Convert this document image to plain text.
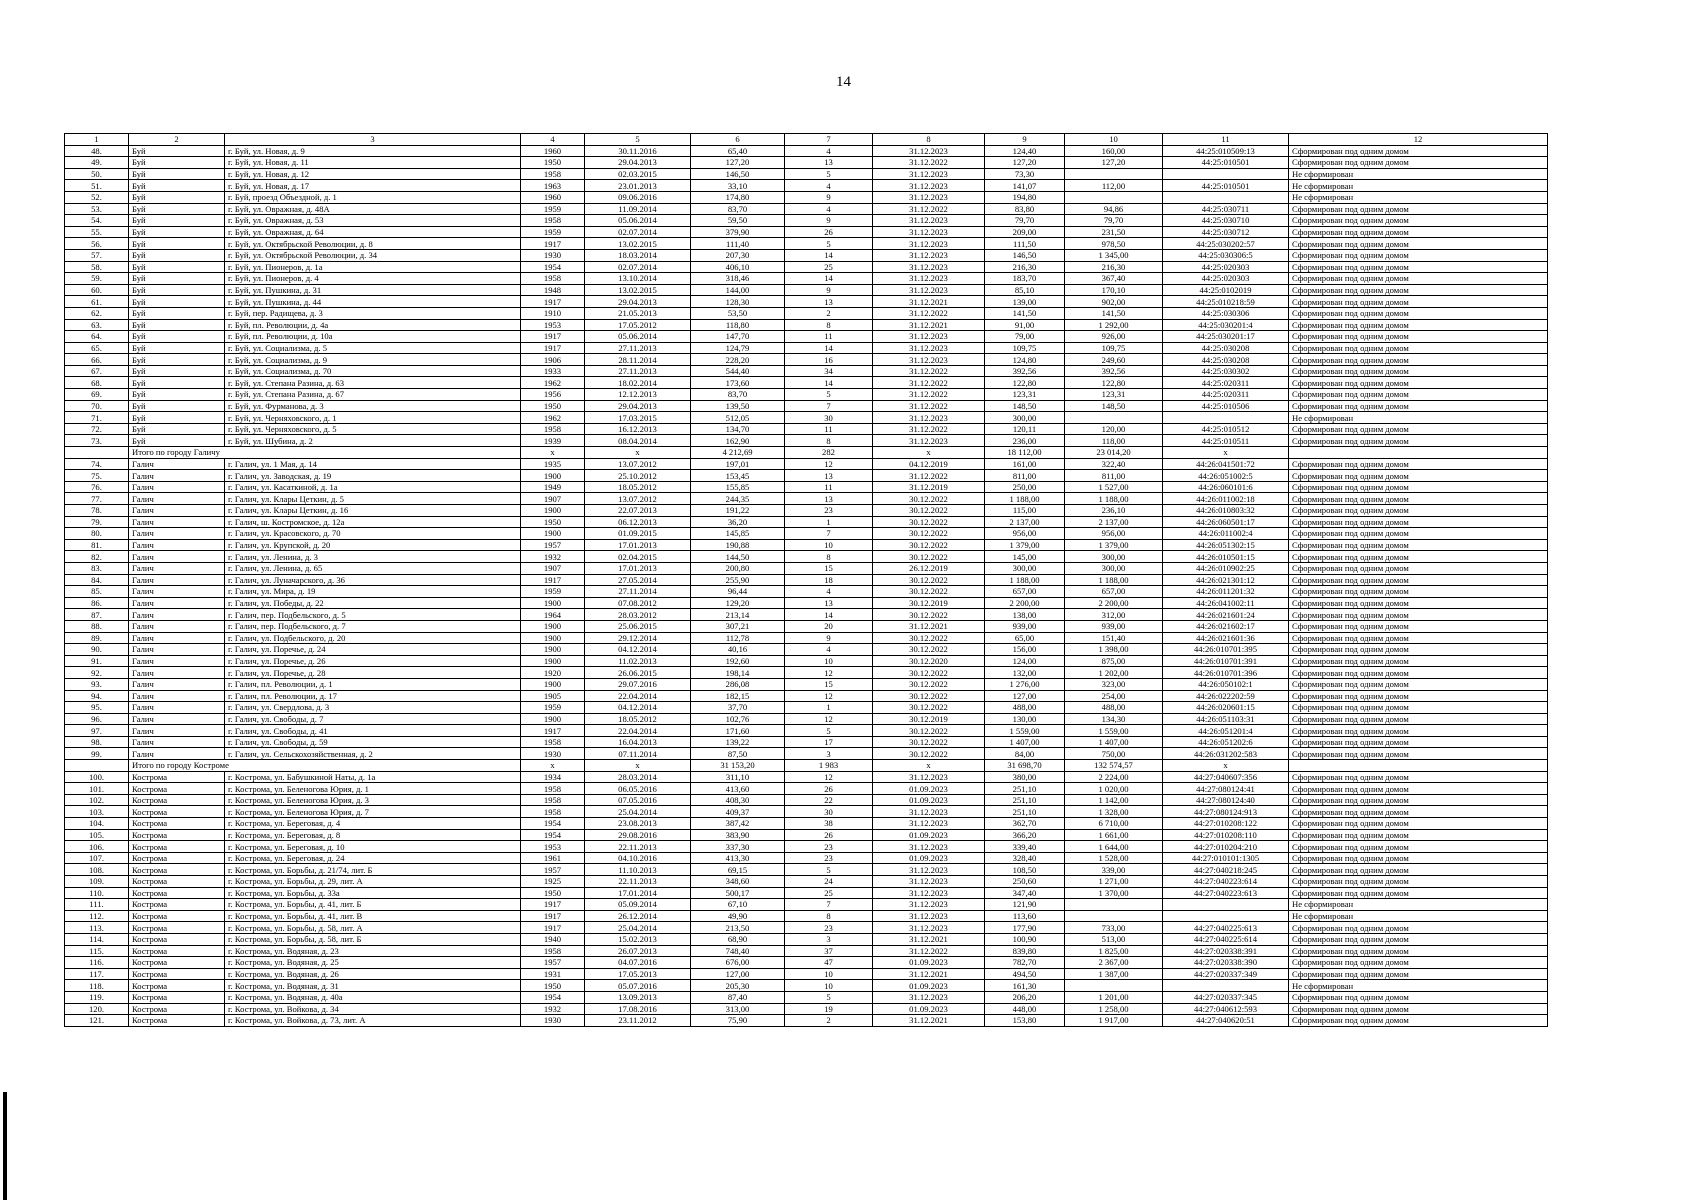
14
1	2	3	4	5	6	7	8	9	10	11	12
48.	Буй	г. Буй, ул. Новая, д. 9	1960	30.11.2016	65,40	4	31.12.2023	124,40	160,00	44:25:010509:13	Сформирован под одним домом
49.	Буй	г. Буй, ул. Новая, д. 11	1950	29.04.2013	127,20	13	31.12.2022	127,20	127,20	44:25:010501	Сформирован под одним домом
50.	Буй	г. Буй, ул. Новая, д. 12	1958	02.03.2015	146,50	5	31.12.2023	73,30			Не сформирован
51.	Буй	г. Буй, ул. Новая, д. 17	1963	23.01.2013	33,10	4	31.12.2023	141,07	112,00	44:25:010501	Не сформирован
52.	Буй	г. Буй, проезд Объездной, д. 1	1960	09.06.2016	174,80	9	31.12.2023	194,80			Не сформирован
53.	Буй	г. Буй, ул. Овражная, д. 48А	1959	11.09.2014	83,70	4	31.12.2022	83,80	94,86	44:25:030711	Сформирован под одним домом
54.	Буй	г. Буй, ул. Овражная, д. 53	1958	05.06.2014	59,50	9	31.12.2023	79,70	79,70	44:25:030710	Сформирован под одним домом
55.	Буй	г. Буй, ул. Овражная, д. 64	1959	02.07.2014	379,90	26	31.12.2023	209,00	231,50	44:25:030712	Сформирован под одним домом
56.	Буй	г. Буй, ул. Октябрьской Революции, д. 8	1917	13.02.2015	111,40	5	31.12.2023	111,50	978,50	44:25:030202:57	Сформирован под одним домом
57.	Буй	г. Буй, ул. Октябрьской Революции, д. 34	1930	18.03.2014	207,30	14	31.12.2023	146,50	1 345,00	44:25:030306:5	Сформирован под одним домом
58.	Буй	г. Буй, ул. Пионеров, д. 1а	1954	02.07.2014	406,10	25	31.12.2023	216,30	216,30	44:25:020303	Сформирован под одним домом
59.	Буй	г. Буй, ул. Пионеров, д. 4	1958	13.10.2014	318,46	14	31.12.2023	183,70	367,40	44:25:020303	Сформирован под одним домом
60.	Буй	г. Буй, ул. Пушкина, д. 31	1948	13.02.2015	144,00	9	31.12.2023	85,10	170,10	44:25:0102019	Сформирован под одним домом
61.	Буй	г. Буй, ул. Пушкина, д. 44	1917	29.04.2013	128,30	13	31.12.2021	139,00	902,00	44:25:010218:59	Сформирован под одним домом
62.	Буй	г. Буй, пер. Радищева, д. 3	1910	21.05.2013	53,50	2	31.12.2022	141,50	141,50	44:25:030306	Сформирован под одним домом
63.	Буй	г. Буй, пл. Революции, д. 4а	1953	17.05.2012	118,80	8	31.12.2021	91,00	1 292,00	44:25:030201:4	Сформирован под одним домом
64.	Буй	г. Буй, пл. Революции, д. 10а	1917	05.06.2014	147,70	11	31.12.2023	79,00	926,00	44:25:030201:17	Сформирован под одним домом
65.	Буй	г. Буй, ул. Социализма, д. 5	1917	27.11.2013	124,79	14	31.12.2023	109,75	109,75	44:25:030208	Сформирован под одним домом
66.	Буй	г. Буй, ул. Социализма, д. 9	1906	28.11.2014	228,20	16	31.12.2023	124,80	249,60	44:25:030208	Сформирован под одним домом
67.	Буй	г. Буй, ул. Социализма, д. 70	1933	27.11.2013	544,40	34	31.12.2022	392,56	392,56	44:25:030302	Сформирован под одним домом
68.	Буй	г. Буй, ул. Степана Разина, д. 63	1962	18.02.2014	173,60	14	31.12.2022	122,80	122,80	44:25:020311	Сформирован под одним домом
69.	Буй	г. Буй, ул. Степана Разина, д. 67	1956	12.12.2013	83,70	5	31.12.2022	123,31	123,31	44:25:020311	Сформирован под одним домом
70.	Буй	г. Буй, ул. Фурманова, д. 3	1950	29.04.2013	139,50	7	31.12.2022	148,50	148,50	44:25:010506	Сформирован под одним домом
71.	Буй	г. Буй, ул. Черняховского, д. 1	1962	17.03.2015	512,05	30	31.12.2023	300,00			Не сформирован
72.	Буй	г. Буй, ул. Черняховского, д. 5	1958	16.12.2013	134,70	11	31.12.2022	120,11	120,00	44:25:010512	Сформирован под одним домом
73.	Буй	г. Буй, ул. Шубина, д. 2	1939	08.04.2014	162,90	8	31.12.2023	236,00	118,00	44:25:010511	Сформирован под одним домом
	Итого по городу Галичу		x	x	4 212,69	282	x	18 112,00	23 014,20	x	
74.	Галич	г. Галич, ул. 1 Мая, д. 14	1935	13.07.2012	197,01	12	04.12.2019	161,00	322,40	44:26:041501:72	Сформирован под одним домом
75.	Галич	г. Галич, ул. Заводская, д. 19	1900	25.10.2012	153,45	13	31.12.2022	811,00	811,00	44:26:051002:5	Сформирован под одним домом
76.	Галич	г. Галич, ул. Касаткиной, д. 1а	1949	18.05.2012	155,85	11	31.12.2019	250,00	1 527,00	44:26:060101:6	Сформирован под одним домом
77.	Галич	г. Галич, ул. Клары Цеткин, д. 5	1907	13.07.2012	244,35	13	30.12.2022	1 188,00	1 188,00	44:26:011002:18	Сформирован под одним домом
78.	Галич	г. Галич, ул. Клары Цеткин, д. 16	1900	22.07.2013	191,22	23	30.12.2022	115,00	236,10	44:26:010803:32	Сформирован под одним домом
79.	Галич	г. Галич, ш. Костромское, д. 12а	1950	06.12.2013	36,20	1	30.12.2022	2 137,00	2 137,00	44:26:060501:17	Сформирован под одним домом
80.	Галич	г. Галич, ул. Красовского, д. 70	1900	01.09.2015	145,85	7	30.12.2022	956,00	956,00	44:26:011002:4	Сформирован под одним домом
81.	Галич	г. Галич, ул. Крупской, д. 20	1957	17.01.2013	190,88	10	30.12.2022	1 379,00	1 379,00	44:26:051302:15	Сформирован под одним домом
82.	Галич	г. Галич, ул. Ленина, д. 3	1932	02.04.2015	144,50	8	30.12.2022	145,00	300,00	44:26:010501:15	Сформирован под одним домом
83.	Галич	г. Галич, ул. Ленина, д. 65	1907	17.01.2013	200,80	15	26.12.2019	300,00	300,00	44:26:010902:25	Сформирован под одним домом
84.	Галич	г. Галич, ул. Луначарского, д. 36	1917	27.05.2014	255,90	18	30.12.2022	1 188,00	1 188,00	44:26:021301:12	Сформирован под одним домом
85.	Галич	г. Галич, ул. Мира, д. 19	1959	27.11.2014	96,44	4	30.12.2022	657,00	657,00	44:26:011201:32	Сформирован под одним домом
86.	Галич	г. Галич, ул. Победы, д. 22	1900	07.08.2012	129,20	13	30.12.2019	2 200,00	2 200,00	44:26:041002:11	Сформирован под одним домом
87.	Галич	г. Галич, пер. Подбельского, д. 5	1964	28.03.2012	213,14	14	30.12.2022	138,00	312,00	44:26:021601:24	Сформирован под одним домом
88.	Галич	г. Галич, пер. Подбельского, д. 7	1900	25.06.2015	307,21	20	31.12.2021	939,00	939,00	44:26:021602:17	Сформирован под одним домом
89.	Галич	г. Галич, ул. Подбельского, д. 20	1900	29.12.2014	112,78	9	30.12.2022	65,00	151,40	44:26:021601:36	Сформирован под одним домом
90.	Галич	г. Галич, ул. Поречье, д. 24	1900	04.12.2014	40,16	4	30.12.2022	156,00	1 398,00	44:26:010701:395	Сформирован под одним домом
91.	Галич	г. Галич, ул. Поречье, д. 26	1900	11.02.2013	192,60	10	30.12.2020	124,00	875,00	44:26:010701:391	Сформирован под одним домом
92.	Галич	г. Галич, ул. Поречье, д. 28	1920	26.06.2015	198,14	12	30.12.2022	132,00	1 202,00	44:26:010701:396	Сформирован под одним домом
93.	Галич	г. Галич, пл. Революции, д. 1	1900	29.07.2016	286,08	15	30.12.2022	1 276,00	323,00	44:26:050102:1	Сформирован под одним домом
94.	Галич	г. Галич, пл. Революции, д. 17	1905	22.04.2014	182,15	12	30.12.2022	127,00	254,00	44:26:022202:59	Сформирован под одним домом
95.	Галич	г. Галич, ул. Свердлова, д. 3	1959	04.12.2014	37,70	1	30.12.2022	488,00	488,00	44:26:020601:15	Сформирован под одним домом
96.	Галич	г. Галич, ул. Свободы, д. 7	1900	18.05.2012	102,76	12	30.12.2019	130,00	134,30	44:26:051103:31	Сформирован под одним домом
97.	Галич	г. Галич, ул. Свободы, д. 41	1917	22.04.2014	171,60	5	30.12.2022	1 559,00	1 559,00	44:26:051201:4	Сформирован под одним домом
98.	Галич	г. Галич, ул. Свободы, д. 59	1958	16.04.2013	139,22	17	30.12.2022	1 407,00	1 407,00	44:26:051202:6	Сформирован под одним домом
99.	Галич	г. Галич, ул. Сельскохозяйственная, д. 2	1930	07.11.2014	87,50	3	30.12.2022	84,00	750,00	44:26:031202:583	Сформирован под одним домом
	Итого по городу Костроме		x	x	31 153,20	1 983	x	31 698,70	132 574,57	x	
100.	Кострома	г. Кострома, ул. Бабушкиной Наты, д. 1а	1934	28.03.2014	311,10	12	31.12.2023	380,00	2 224,00	44:27:040607:356	Сформирован под одним домом
101.	Кострома	г. Кострома, ул. Беленогова Юрия, д. 1	1958	06.05.2016	413,60	26	01.09.2023	251,10	1 020,00	44:27:080124:41	Сформирован под одним домом
102.	Кострома	г. Кострома, ул. Беленогова Юрия, д. 3	1958	07.05.2016	408,30	22	01.09.2023	251,10	1 142,00	44:27:080124:40	Сформирован под одним домом
103.	Кострома	г. Кострома, ул. Беленогова Юрия, д. 7	1958	25.04.2014	409,37	30	31.12.2023	251,10	1 328,00	44:27:080124:913	Сформирован под одним домом
104.	Кострома	г. Кострома, ул. Береговая, д. 4	1954	23.08.2013	387,42	38	31.12.2023	362,70	6 710,00	44:27:010208:122	Сформирован под одним домом
105.	Кострома	г. Кострома, ул. Береговая, д. 8	1954	29.08.2016	383,90	26	01.09.2023	366,20	1 661,00	44:27:010208:110	Сформирован под одним домом
106.	Кострома	г. Кострома, ул. Береговая, д. 10	1953	22.11.2013	337,30	23	31.12.2023	339,40	1 644,00	44:27:010204:210	Сформирован под одним домом
107.	Кострома	г. Кострома, ул. Береговая, д. 24	1961	04.10.2016	413,30	23	01.09.2023	328,40	1 528,00	44:27:010101:1305	Сформирован под одним домом
108.	Кострома	г. Кострома, ул. Борьбы, д. 21/74, лит. Б	1957	11.10.2013	69,15	5	31.12.2023	108,50	339,00	44:27:040218:245	Сформирован под одним домом
109.	Кострома	г. Кострома, ул. Борьбы, д. 29, лит. А	1925	22.11.2013	348,60	24	31.12.2023	250,60	1 271,00	44:27:040223:614	Сформирован под одним домом
110.	Кострома	г. Кострома, ул. Борьбы, д. 33а	1950	17.01.2014	500,17	25	31.12.2023	347,40	1 370,00	44:27:040223:613	Сформирован под одним домом
111.	Кострома	г. Кострома, ул. Борьбы, д. 41, лит. Б	1917	05.09.2014	67,10	7	31.12.2023	121,90			Не сформирован
112.	Кострома	г. Кострома, ул. Борьбы, д. 41, лит. В	1917	26.12.2014	49,90	8	31.12.2023	113,60			Не сформирован
113.	Кострома	г. Кострома, ул. Борьбы, д. 58, лит. А	1917	25.04.2014	213,50	23	31.12.2023	177,90	733,00	44:27:040225:613	Сформирован под одним домом
114.	Кострома	г. Кострома, ул. Борьбы, д. 58, лит. Б	1940	15.02.2013	68,90	3	31.12.2021	100,90	513,00	44:27:040225:614	Сформирован под одним домом
115.	Кострома	г. Кострома, ул. Водяная, д. 23	1958	26.07.2013	748,40	37	31.12.2022	839,80	1 825,00	44:27:020338:391	Сформирован под одним домом
116.	Кострома	г. Кострома, ул. Водяная, д. 25	1957	04.07.2016	676,00	47	01.09.2023	782,70	2 367,00	44:27:020338:390	Сформирован под одним домом
117.	Кострома	г. Кострома, ул. Водяная, д. 26	1931	17.05.2013	127,00	10	31.12.2021	494,50	1 387,00	44:27:020337:349	Сформирован под одним домом
118.	Кострома	г. Кострома, ул. Водяная, д. 31	1950	05.07.2016	205,30	10	01.09.2023	161,30			Не сформирован
119.	Кострома	г. Кострома, ул. Водяная, д. 40а	1954	13.09.2013	87,40	5	31.12.2023	206,20	1 201,00	44:27:020337:345	Сформирован под одним домом
120.	Кострома	г. Кострома, ул. Войкова, д. 34	1932	17.08.2016	313,00	19	01.09.2023	448,00	1 258,00	44:27:040612:593	Сформирован под одним домом
121.	Кострома	г. Кострома, ул. Войкова, д. 73, лит. А	1930	23.11.2012	75,90	2	31.12.2021	153,80	1 917,00	44:27:040620:51	Сформирован под одним домом
